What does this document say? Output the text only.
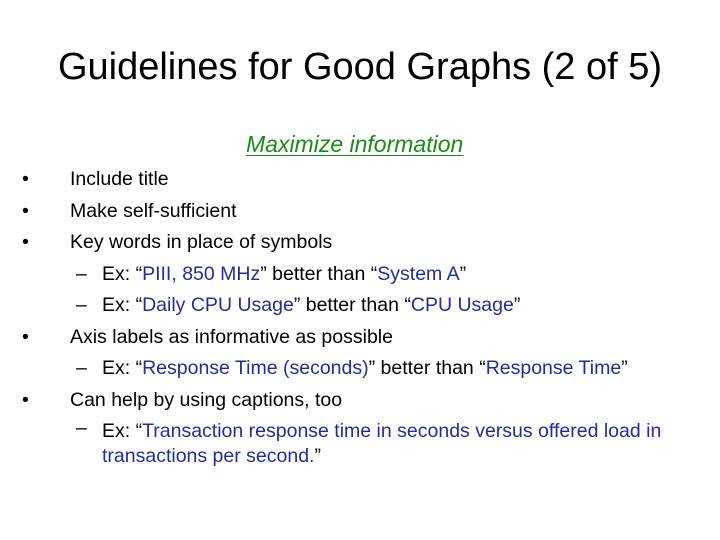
Guidelines for Good Graphs (2 of 5)
Maximize information
• Include title
• Make self-sufficient
• Key words in place of symbols
– Ex: “PIII, 850 MHz” better than “System A”
– Ex: “Daily CPU Usage” better than “CPU Usage”
• Axis labels as informative as possible
– Ex: “Response Time (seconds)” better than “Response Time”
• Can help by using captions, too
– Ex: “Transaction response time in seconds versus offered load in transactions per second.”
